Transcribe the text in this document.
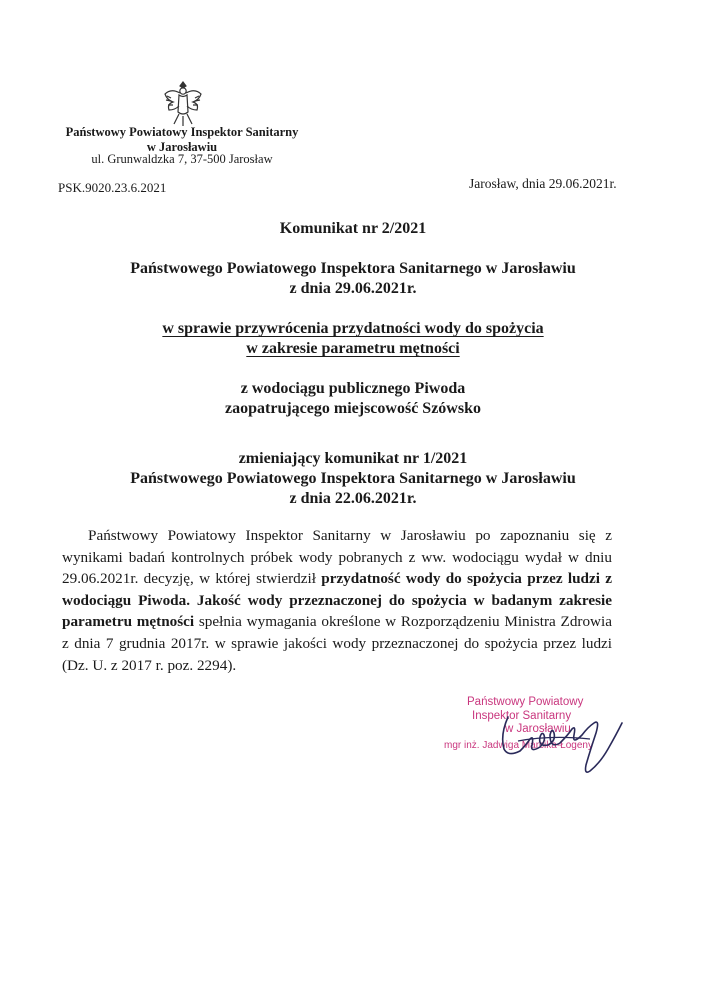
Państwowy Powiatowy Inspektor Sanitarny
w Jarosławiu
ul. Grunwaldzka 7, 37-500 Jarosław
PSK.9020.23.6.2021	Jarosław, dnia 29.06.2021r.
Komunikat nr 2/2021
Państwowego Powiatowego Inspektora Sanitarnego w Jarosławiu
z dnia 29.06.2021r.
w sprawie przywrócenia przydatności wody do spożycia
w zakresie parametru mętności
z wodociągu publicznego Piwoda
zaopatrującego miejscowość Szówsko
zmieniający komunikat nr 1/2021
Państwowego Powiatowego Inspektora Sanitarnego w Jarosławiu
z dnia 22.06.2021r.

Państwowy Powiatowy Inspektor Sanitarny w Jarosławiu po zapoznaniu się z wynikami badań kontrolnych próbek wody pobranych z ww. wodociągu wydał w dniu 29.06.2021r. decyzję, w której stwierdził przydatność wody do spożycia przez ludzi z wodociągu Piwoda. Jakość wody przeznaczonej do spożycia w badanym zakresie parametru mętności spełnia wymagania określone w Rozporządzeniu Ministra Zdrowia z dnia 7 grudnia 2017r. w sprawie jakości wody przeznaczonej do spożycia przez ludzi (Dz. U. z 2017 r. poz. 2294).

Państwowy Powiatowy
Inspektor Sanitarny
w Jarosławiu
mgr inż. Jadwiga Marcika-Łogeny
